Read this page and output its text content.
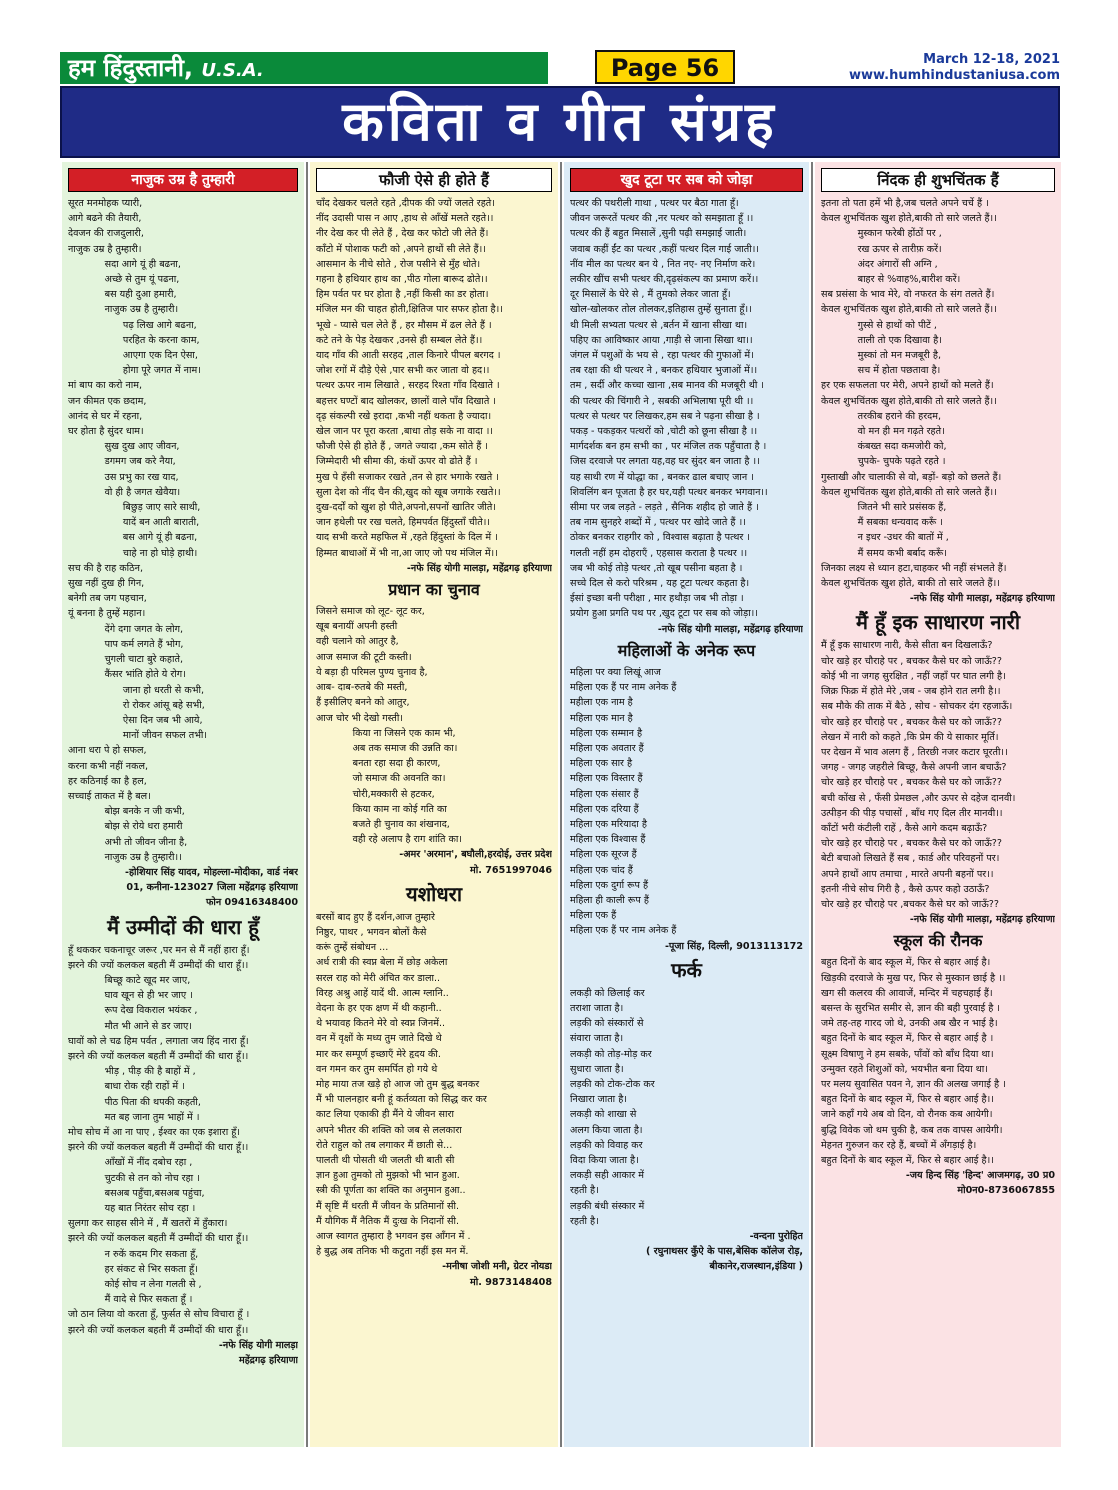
हम हिंदुस्तानी, U.S.A.	Page 56	March 12-18, 2021
www.humhindustaniusa.com
कविता व गीत संग्रह
नाजुक उम्र है तुम्हारी
सूरत मनमोहक प्यारी,
आगे बढने की तैयारी,
देवजन की राजदुलारी,
नाजुक उम्र है तुम्हारी।
सदा आगे यूं ही बढना,
अच्छे से तुम यूं पढना,
बस यही दुआ हमारी,
नाजुक उम्र है तुम्हारी।
पढ़ लिख आगे बढना,
परहित के करना काम,
आएगा एक दिन ऐसा,
होगा पूरे जगत में नाम।
मां बाप का करो नाम,
जन कीमत एक छदाम,
आनंद से घर में रहना,
घर होता है सुंदर धाम।
सुख दुख आए जीवन,
डगमग जब करे नैया,
उस प्रभु का रख याद,
वो ही है जगत खेवैया।
बिछुड़ जाए सारे साथी,
यादें बन आती बाराती,
बस आगे यूं ही बढना,
चाहे ना हो घोड़े हाथी।
सच की है राह कठिन,
सुख नहीं दुख ही गिन,
बनेगी तब जग पहचान,
यूं बनना है तुम्हें महान।
देंगे दगा जगत के लोग,
पाप कर्म लगते हैं भोग,
चुगली चाटा बुरे कहाते,
कैंसर भांति होते ये रोग।
जाना हो धरती से कभी,
रो रोकर आंसू बहे सभी,
ऐसा दिन जब भी आये,
मानों जीवन सफल तभी।
आना धरा पे हो सफल,
करना कभी नहीं नकल,
हर कठिनाई का है हल,
सच्चाई ताकत में है बल।
बोझ बनके न जी कभी,
बोझ से रोये धरा हमारी
अभी तो जीवन जीना है,
नाजुक उम्र है तुम्हारी।।
-होशियार सिंह यादव, मोहल्ला-मोदीका, वार्ड नंबर
01, कनीना-123027 जिला महेंद्रगढ़ हरियाणा
फोन 09416348400
मैं उम्मीदों की धारा हूँ
हूँ थककर चकनाचूर जरूर ,पर मन से मैं नहीं हारा हूँ।
झरने की ज्यों कलकल बहती मैं उम्मीदों की धारा हूँ।।
बिच्छू काटे खूद मर जाए,
घाव खून से ही भर जाए ।
रूप देख विकराल भयंकर ,
मौत भी आने से डर जाए।
घावों को ले चढ हिम पर्वत , लगाता जय हिंद नारा हूँ।
झरने की ज्यों कलकल बहती मैं उम्मीदों की धारा हूँ।।
भीड़ , पीड़ की है बाहों में ,
बाधा रोक रही राहों में ।
पीठ पिता की थपकी कहती,
मत बह जाना तुम भाहों में ।
मोच सोच में आ ना पाए , ईश्वर का एक इशारा हूँ।
झरने की ज्यों कलकल बहती मैं उम्मीदों की धारा हूँ।।
आँखों में नींद दबोच रहा ,
चुटकी से तन को नोच रहा ।
बसअब पहुँचा,बसअब पहुंचा,
यह बात निरंतर सोच रहा ।
सुलगा कर साहस सीने में , मैं खतरों में हुँकारा।
झरने की ज्यों कलकल बहती मैं उम्मीदों की धारा हूँ।।
न रुकें कदम गिर सकता हूँ,
हर संकट से भिर सकता हूँ।
कोई सोच न लेना गलती से ,
मैं वादे से फिर सकता हूँ ।
जो ठान लिया वो करता हूँ, फुर्सत से सोच विचारा हूँ ।
झरने की ज्यों कलकल बहती मैं उम्मीदों की धारा हूँ।।
-नफे सिंह योगी मालड़ा
महेंद्रगढ़ हरियाणा
फौजी ऐसे ही होते हैं
चाँद देखकर चलते रहते ,दीपक की ज्यों जलते रहते।
नींद उदासी पास न आए ,हाथ से आँखें मलते रहते।।
नीर देख कर पी लेते हैं , देख कर फोटो जी लेते हैं।
काँटो में पोशाक फटी को ,अपने हाथों सी लेते हैं।।
आसमान के नीचे सोते , रोज पसीने से मुँह धोते।
गहना है हथियार हाथ का ,पीठ गोला बारूद ढोते।।
हिम पर्वत पर घर होता है ,नहीं किसी का डर होता।
मंजिल मन की चाहत होती,क्षितिज पार सफर होता है।।
भूखे - प्यासे चल लेते हैं , हर मौसम में ढल लेते हैं ।
कटे तने के पेड़ देखकर ,उनसे ही सम्बल लेते हैं।।
याद गाँव की आती सरहद ,ताल किनारे पीपल बरगद ।
जोश रगों में दौड़े ऐसे ,पार सभी कर जाता वो हद।।
पत्थर ऊपर नाम लिखाते , सरहद रिश्ता गाँव दिखाते ।
बहत्तर घण्टों बाद खोलकर, छालों वाले पाँव दिखाते ।
दृढ़ संकल्पी रखे इरादा ,कभी नहीं थकता है ज्यादा।
खेल जान पर पूरा करता ,बाधा तोड़ सके ना वादा ।।
फौजी ऐसे ही होते हैं , जगते ज्यादा ,कम सोते हैं ।
जिम्मेदारी भी सीमा की, कंधों ऊपर वो ढोते हैं ।
मुख पे हँसी सजाकर रखते ,तन से हार भगाके रखते ।
सुला देश को नींद चैन की,खुद को खूब जगाके रखते।।
दुख-दर्दों को खुश हो पीते,अपनो,सपनों खातिर जीते।
जान हथेली पर रख चलते, हिमपर्वत हिंदुस्ताँ चीते।।
याद सभी करते महफिल में ,रहते हिंदुस्तां के दिल में ।
हिम्मत बाधाओं में भी ना,आ जाए जो पथ मंजिल में।।
-नफे सिंह योगी मालड़ा, महेंद्रगढ़ हरियाणा
प्रधान का चुनाव
जिसने समाज को लूट- लूट कर,
खूब बनायीं अपनी हस्ती
वही चलाने को आतुर है,
आज समाज की टूटी कस्ती।
ये बड़ा ही परिमल पुण्य चुनाव है,
आब- दाब-रुतबे की मस्ती,
हैं इसीलिए बनने को आतुर,
आज चोर भी देखो गस्ती।
किया ना जिसने एक काम भी,
अब तक समाज की उन्नति का।
बनता रहा सदा ही कारण,
जो समाज की अवनति का।
चोरी,मक्कारी से हटकर,
किया काम ना कोई गति का
बजते ही चुनाव का शंखनाद,
वही रहे अलाप है राग शांति का।
-अमर 'अरमान', बघौली,हरदोई, उत्तर प्रदेश
मो. 7651997046
यशोधरा
बरसों बाद हुए हैं दर्शन,आज तुम्हारे
निष्ठुर, पाथर , भगवन बोलों कैसे
करूं तुम्हें संबोधन ...
अर्ध रात्री की स्वप्न बेला में छोड़ अकेला
सरल राह को मेरी अंचित कर डाला..
विरह अश्रु आहें यादें थी. आत्म ग्लानि..
वेदना के हर एक क्षण में थी कहानी..
थे भयावह कितने मेरे वो स्वप्न जिनमें..
वन में वृक्षों के मध्य तुम जाते दिखे थे
मार कर सम्पूर्ण इच्छाएँ मेरे हृदय की.
वन गमन कर तुम समर्पित हो गये थे
मोह माया तज खड़े हो आज जो तुम बुद्ध बनकर
मैं भी पालनहार बनी हूं कर्तव्यता को सिद्ध कर कर
काट लिया एकाकी ही मैंने ये जीवन सारा
अपने भीतर की शक्ति को जब से ललकारा
रोते राहुल को तब लगाकर मैं छाती से...
पालती थी पोसती थी जलती थी बाती सी
ज्ञान हुआ तुमको तो मुझको भी भान हुआ.
स्त्री की पूर्णता का शक्ति का अनुमान हुआ..
मैं सृष्टि मैं धरती मैं जीवन के प्रतिमानों सी.
मैं यौगिक मैं नैतिक मैं दुःख के निदानों सी.
आज स्वागत तुम्हारा है भगवन इस आँगन में .
हे बुद्ध अब तनिक भी कटुता नहीं इस मन में.
-मनीषा जोशी मनी, ग्रेटर नोयडा
मो. 9873148408
खुद टूटा पर सब को जोड़ा
पत्थर की पथरीली गाथा , पत्थर पर बैठा गाता हूँ।
जीवन जरूरतें पत्थर की ,नर पत्थर को समझाता हूँ ।।
पत्थर की हैं बहुत मिसालें ,सुनी पढ़ी समझाई जाती।
जवाब कहीं ईंट का पत्थर ,कहीं पत्थर दिल गाई जाती।।
नींव मील का पत्थर बन ये , नित नए- नए निर्माण करे।
लकीर खींच सभी पत्थर की,दृढ़संकल्प का प्रमाण करें।।
दूर मिसालें के घेरे से , मैं तुमको लेकर जाता हूँ।
खोल-खोलकर तोल तोलकर,इतिहास तुम्हें सुनाता हूँ।।
थी मिली सभ्यता पत्थर से ,बर्तन में खाना सीखा था।
पहिए का आविष्कार आया ,गाड़ी से जाना सिखा था।।
जंगल में पशुओं के भय से , रहा पत्थर की गुफाओं में।
तब रक्षा की थी पत्थर ने , बनकर हथियार भुजाओं में।।
तम , सर्दी और कच्चा खाना ,सब मानव की मजबूरी थी ।
की पत्थर की चिंगारी ने , सबकी अभिलाषा पूरी थी ।।
पत्थर से पत्थर पर लिखकर,हम सब ने पढ़ना सीखा है ।
पकड़ - पकड़कर पत्थरों को ,चोटी को छूना सीखा है ।।
मार्गदर्शक बन हम सभी का , पर मंजिल तक पहुँचाता है ।
जिस दरवाजे पर लगता यह,वह घर सुंदर बन जाता है ।।
यह साथी रण में योद्धा का , बनकर ढाल बचाए जान ।
शिवलिंग बन पूजता है हर घर,यही पत्थर बनकर भगवान।।
सीमा पर जब लड़ते - लड़ते , सैनिक शहीद हो जाते हैं ।
तब नाम सुनहरे शब्दों में , पत्थर पर खोदे जाते हैं ।।
ठोकर बनकर राहगीर को , विश्वास बढ़ाता है पत्थर ।
गलती नहीं हम दोहराएँ , एहसास कराता है पत्थर ।।
जब भी कोई तोड़े पत्थर ,तो खूब पसीना बहता है ।
सच्चे दिल से करो परिश्रम , यह टूटा पत्थर कहता है।
ईसां इच्छा बनी परीक्षा , मार हथौड़ा जब भी तोड़ा ।
प्रयोग हुआ प्रगति पथ पर ,खुद टूटा पर सब को जोड़ा।।
-नफे सिंह योगी मालड़ा, महेंद्रगढ़ हरियाणा
महिलाओं के अनेक रूप
महिला पर क्या लिखूं आज
महिला एक हैं पर नाम अनेक हैं
महीला एक नाम है
महिला एक मान है
महिला एक सम्मान है
महिला एक अवतार हैं
महिला एक सार है
महिला एक विस्तार हैं
महिला एक संसार हैं
महिला एक दरिया हैं
महिला एक मरियादा है
महिला एक विश्वास हैं
महिला एक सूरज हैं
महिला एक चांद हैं
महिला एक दुर्गा रूप हैं
महिला ही काली रूप हैं
महिला एक हैं
महिला एक हैं पर नाम अनेक हैं
-पूजा सिंह, दिल्ली, 9013113172
फर्क
लकड़ी को छिलाई कर
तराशा जाता है।
लड़की को संस्कारों से
संवारा जाता है।
लकड़ी को तोड़-मोड़ कर
सुधारा जाता है।
लड़की को टोक-टोक कर
निखारा जाता है।
लकड़ी को शाखा से
अलग किया जाता है।
लड़की को विवाह कर
विदा किया जाता है।
लकड़ी सही आकार में
रहती है।
लड़की बंधी संस्कार में
रहती है।
-वन्दना पुरोहित
( रघुनाथसर कुँऐ के पास,बेसिक कॉलेज रोड़,
बीकानेर,राजस्थान,इंडिया )
निंदक ही शुभचिंतक हैं
इतना तो पता हमें भी है,जब चलते अपने चर्चे हैं ।
केवल शुभचिंतक खुश होते,बाकी तो सारे जलते हैं।।
मुस्कान फरेबी होंठों पर ,
रख ऊपर से तारीफ़ करें।
अंदर अंगारों सी अग्नि ,
बाहर से %वाह%,बारीश करें।
सब प्रसंसा के भाव मेरे, वो नफरत के संग तलते हैं।
केवल शुभचिंतक खुश होते,बाकी तो सारे जलते हैं।।
गुस्से से हाथों को पीटें ,
ताली तो एक दिखावा है।
मुस्कां तो मन मजबूरी है,
सच में होता पछतावा है।
हर एक सफलता पर मेरी, अपने हाथों को मलते हैं।
केवल शुभचिंतक खुश होते,बाकी तो सारे जलते हैं।।
तरकीब हराने की हरदम,
वो मन ही मन गढ़ते रहते।
कंबख्त सदा कमजोरी को,
चुपके- चुपके पढ़ते रहते ।
गुस्ताखी और चालाकी से वो, बड़ों- बड़ो को छलते हैं।
केवल शुभचिंतक खुश होते,बाकी तो सारे जलते हैं।।
जितने भी सारे प्रसंसक हैं,
मैं सबका धन्यवाद करूँ ।
न इधर -उधर की बातों में ,
मैं समय कभी बर्बाद करूँ।
जिनका लक्ष्य से ध्यान हटा,चाहकर भी नहीं संभलते हैं।
केवल शुभचिंतक खुश होते, बाकी तो सारे जलते हैं।।
-नफे सिंह योगी मालड़ा, महेंद्रगढ़ हरियाणा
मैं हूँ इक साधारण नारी
मैं हूँ इक साधारण नारी, कैसे सीता बन दिखलाऊँ?
चोर खड़े हर चौराहे पर , बचकर कैसे घर को जाऊँ??
कोई भी ना जगह सुरक्षित , नहीं जहाँ पर घात लगी है।
जिक्र फिक्र में होते मेरे ,जब - जब होने रात लगी है।।
सब मौके की ताक में बैठे , सोच - सोचकर दंग रहजाऊँ।
चोर खड़े हर चौराहे पर , बचकर कैसे घर को जाऊँ??
लेखन में नारी को कहते ,कि प्रेम की ये साकार मूर्ति।
पर देखन में भाव अलग हैं , तिरछी नजर कटार घूरती।।
जगह - जगह जहरीले बिच्छू, कैसे अपनी जान बचाऊँ?
चोर खड़े हर चौराहे पर , बचकर कैसे घर को जाऊँ??
बची कोंख से , फँसी प्रेमछल ,और ऊपर से दहेज दानवी।
उत्पीड़न की पीड़ पचासों , बाँध गए दिल तीर मानवी।।
काँटों भरी कंटीली राहें , कैसे आगे कदम बढ़ाऊँ?
चोर खड़े हर चौराहे पर , बचकर कैसे घर को जाऊँ??
बेटी बचाओ लिखते हैं सब , कार्ड और परिवहनों पर।
अपने हाथों आप तमाचा , मारते अपनी बहनों पर।।
इतनी नीचे सोच गिरी है , कैसे ऊपर कहो उठाऊँ?
चोर खड़े हर चौराहे पर ,बचकर कैसे घर को जाऊँ??
-नफे सिंह योगी मालड़ा, महेंद्रगढ़ हरियाणा
स्कूल की रौनक
बहुत दिनों के बाद स्कूल में, फिर से बहार आई है।
खिड़की दरवाजे के मुख पर, फिर से मुस्कान छाई है ।।
खग सी कलरव की आवाजें, मन्दिर में चहचहाई हैं।
बसन्त के सुरभित समीर से, ज्ञान की बही पुरवाई है ।
जमे तह-तह गारद जो थे, उनकी अब खैर न भाई है।
बहुत दिनों के बाद स्कूल में, फिर से बहार आई है ।
सूक्ष्म विषाणु ने हम सबके, पाँवों को बाँध दिया था।
उन्मुक्त रहते शिशुओं को, भयभीत बना दिया था।
पर मलय सुवासित पवन ने, ज्ञान की अलख जगाई है ।
बहुत दिनों के बाद स्कूल में, फिर से बहार आई है।।
जाने कहाँ गये अब वो दिन, वो रौनक कब आयेगी।
बुद्धि विवेक जो थम चुकी है, कब तक वापस आयेगी।
मेहनत गुरुजन कर रहे हैं, बच्चों में अँगड़ाई है।
बहुत दिनों के बाद स्कूल में, फिर से बहार आई है।।
-जय हिन्द सिंह 'हिन्द' आजमगढ़, उ0 प्र0
मो0न0-8736067855
